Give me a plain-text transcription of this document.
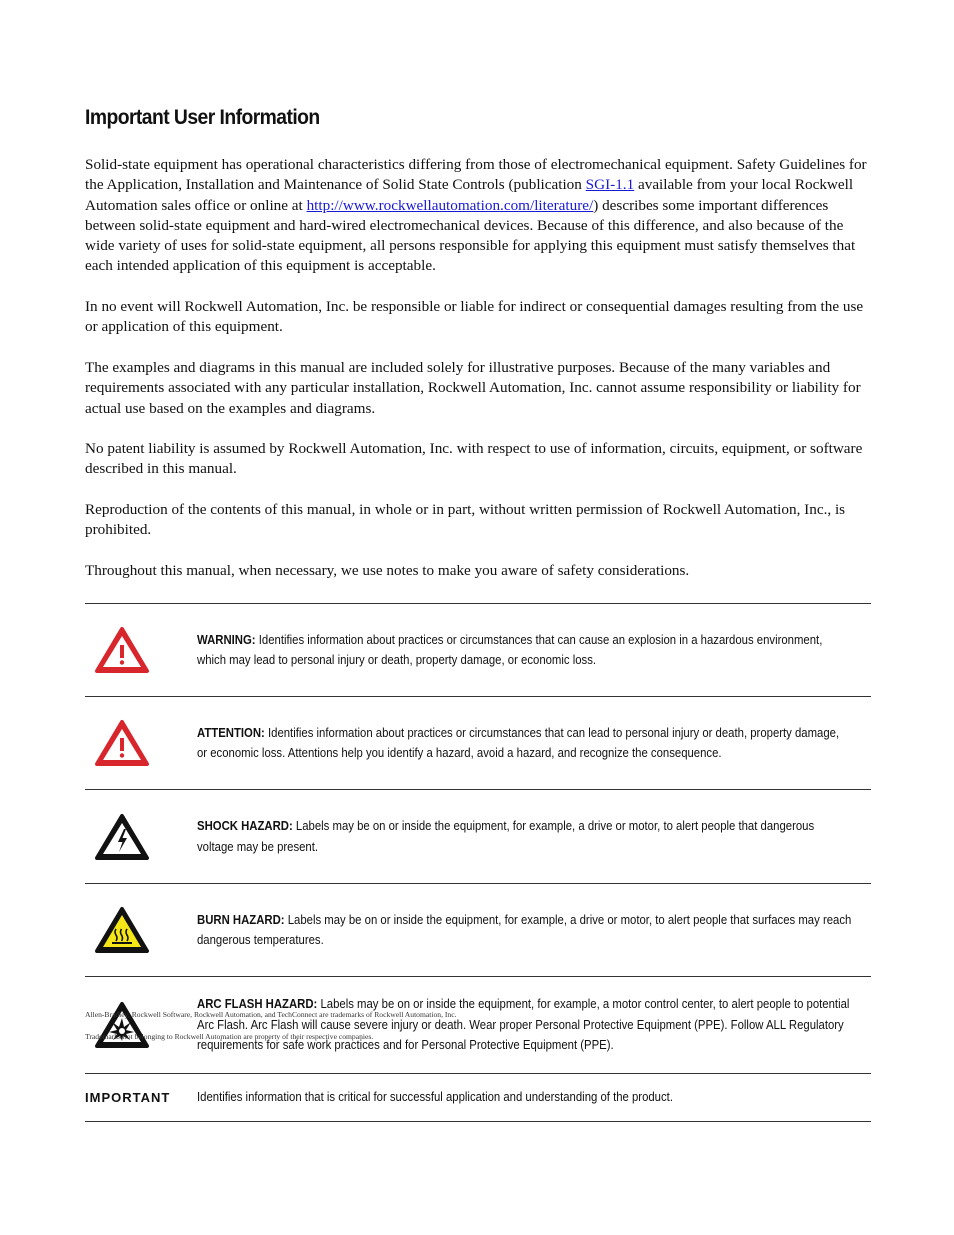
Important User Information

Solid-state equipment has operational characteristics differing from those of electromechanical equipment. Safety Guidelines for the Application, Installation and Maintenance of Solid State Controls (publication SGI-1.1 available from your local Rockwell Automation sales office or online at http://www.rockwellautomation.com/literature/) describes some important differences between solid-state equipment and hard-wired electromechanical devices. Because of this difference, and also because of the wide variety of uses for solid-state equipment, all persons responsible for applying this equipment must satisfy themselves that each intended application of this equipment is acceptable.

In no event will Rockwell Automation, Inc. be responsible or liable for indirect or consequential damages resulting from the use or application of this equipment.

The examples and diagrams in this manual are included solely for illustrative purposes. Because of the many variables and requirements associated with any particular installation, Rockwell Automation, Inc. cannot assume responsibility or liability for actual use based on the examples and diagrams.

No patent liability is assumed by Rockwell Automation, Inc. with respect to use of information, circuits, equipment, or software described in this manual.

Reproduction of the contents of this manual, in whole or in part, without written permission of Rockwell Automation, Inc., is prohibited.

Throughout this manual, when necessary, we use notes to make you aware of safety considerations.

	WARNING: Identifies information about practices or circumstances that can cause an explosion in a hazardous environment, which may lead to personal injury or death, property damage, or economic loss.

	ATTENTION: Identifies information about practices or circumstances that can lead to personal injury or death, property damage, or economic loss. Attentions help you identify a hazard, avoid a hazard, and recognize the consequence.

	SHOCK HAZARD: Labels may be on or inside the equipment, for example, a drive or motor, to alert people that dangerous voltage may be present.

	BURN HAZARD: Labels may be on or inside the equipment, for example, a drive or motor, to alert people that surfaces may reach dangerous temperatures.

	ARC FLASH HAZARD: Labels may be on or inside the equipment, for example, a motor control center, to alert people to potential Arc Flash. Arc Flash will cause severe injury or death. Wear proper Personal Protective Equipment (PPE). Follow ALL Regulatory requirements for safe work practices and for Personal Protective Equipment (PPE).
IMPORTANT	Identifies information that is critical for successful application and understanding of the product.
Allen-Bradley, Rockwell Software, Rockwell Automation, and TechConnect are trademarks of Rockwell Automation, Inc.
Trademarks not belonging to Rockwell Automation are property of their respective companies.
